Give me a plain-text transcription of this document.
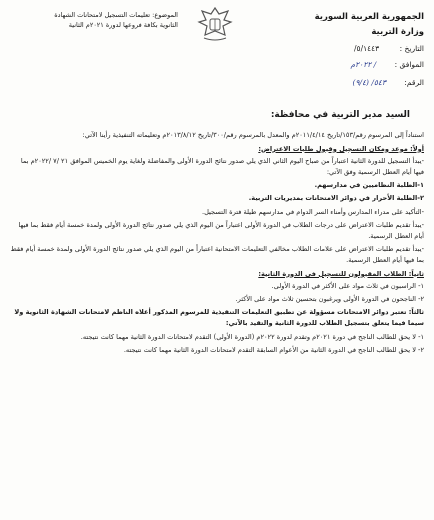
الجمهورية العربية السورية
وزارة التربية
الموضوع: تعليمات التسجيل لامتحانات الشهادة
الثانوية بكافة فروعها لدورة ٢٠٢١م الثانية
التاريخ : ٥/١٤٤٣/
الموافق : / ٢٠٢٢م
الرقم: ٥٤٣/ (٩/٤)
السيد مدير التربية في محافظة:
استناداً إلى المرسوم رقم/١٥٣/تاريخ ٢٠١١/٤/١٤م والمعدل بالمرسوم رقم/٣٠٠/تاريخ ٢٠١٣/٨/١٢م وتعليماته التنفيذية رأينا الآتي:
أولاً: موعد ومكان التسجيل وقبول طلبات الاعتراض:
-يبدأ التسجيل للدورة الثانية اعتباراً من صباح اليوم الثاني الذي يلي صدور نتائج الدورة الأولى والمفاضلة ولغاية يوم الخميس الموافق ٢١ /٧ /٢٠٢٢م بما فيها أيام العطل الرسمية وفق الآتي:
١-الطلبة النظاميين في مدارسهم.
٢-الطلبة الأحرار في دوائر الامتحانات بمديريات التربية.
-التأكيد على مدراء المدارس وأمناء السر الدوام في مدارسهم طيلة فترة التسجيل.
-يبدأ تقديم طلبات الاعتراض على درجات الطلاب في الدورة الأولى اعتباراً من اليوم الذي يلي صدور نتائج الدورة الأولى ولمدة خمسة أيام فقط بما فيها أيام العطل الرسمية.
-يبدأ تقديم طلبات الاعتراض على علامات الطلاب مخالفي التعليمات الامتحانية اعتباراً من اليوم الذي يلي صدور نتائج الدورة الأولى ولمدة خمسة أيام فقط بما فيها أيام العطل الرسمية.
ثانياً: الطلاب المقبولون للتسجيل في الدورة الثانية:
١- الراسبون في ثلاث مواد على الأكثر في الدورة الأولى.
٢- الناجحون في الدورة الأولى ويرغبون بتحسين ثلاث مواد على الأكثر.
ثالثاً: تعتبر دوائر الامتحانات مسؤولة عن تطبيق التعليمات التنفيذية للمرسوم المذكور أعلاه الناظم لامتحانات الشهادة الثانوية ولا سيما فيما يتعلق بتسجيل الطلاب للدورة الثانية والتقيد بالآتي:
١- لا يحق للطالب الناجح في دورة ٢٠٢١م وتقدم لدورة ٢٠٢٢م (الدورة الأولى) التقدم لامتحانات الدورة الثانية مهما كانت نتيجته.
٢- لا يحق للطالب الناجح في الدورة الثانية من الأعوام السابقة التقدم لامتحانات الدورة الثانية مهما كانت نتيجته.
